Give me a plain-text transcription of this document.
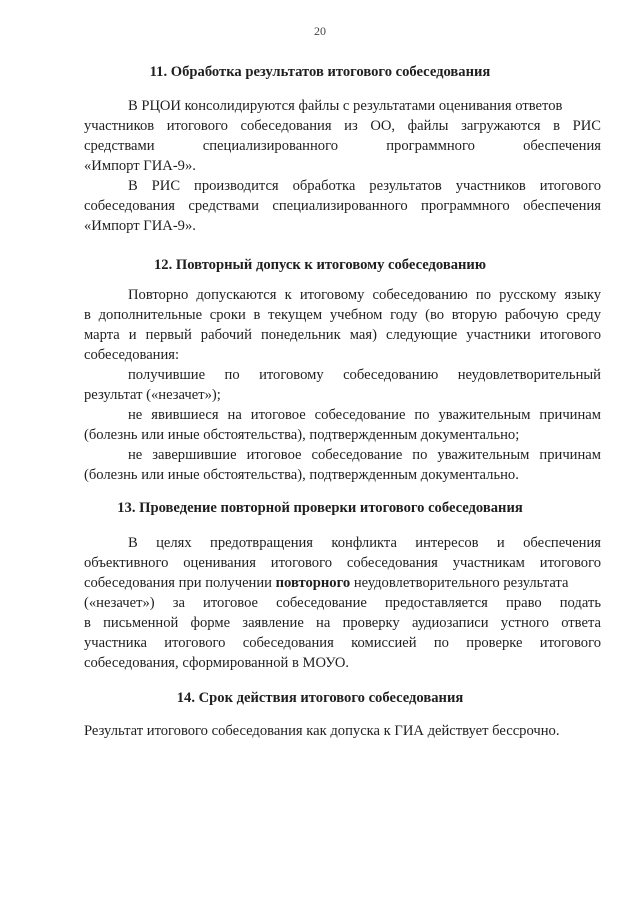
20
11. Обработка результатов итогового собеседования
В РЦОИ консолидируются файлы с результатами оценивания ответов
участников итогового собеседования из ОО, файлы загружаются в РИС
средствами специализированного программного обеспечения
«Импорт ГИА-9».
В РИС производится обработка результатов участников итогового
собеседования средствами специализированного программного обеспечения
«Импорт ГИА-9».
12. Повторный допуск к итоговому собеседованию
Повторно допускаются к итоговому собеседованию по русскому языку
в дополнительные сроки в текущем учебном году (во вторую рабочую среду
марта и первый рабочий понедельник мая) следующие участники итогового
собеседования:
получившие по итоговому собеседованию неудовлетворительный
результат («незачет»);
не явившиеся на итоговое собеседование по уважительным причинам
(болезнь или иные обстоятельства), подтвержденным документально;
не завершившие итоговое собеседование по уважительным причинам
(болезнь или иные обстоятельства), подтвержденным документально.
13. Проведение повторной проверки итогового собеседования
В целях предотвращения конфликта интересов и обеспечения
объективного оценивания итогового собеседования участникам итогового
собеседования при получении повторного неудовлетворительного результата
(«незачет») за итоговое собеседование предоставляется право подать
в письменной форме заявление на проверку аудиозаписи устного ответа
участника итогового собеседования комиссией по проверке итогового
собеседования, сформированной в МОУО.
14. Срок действия итогового собеседования
Результат итогового собеседования как допуска к ГИА действует бессрочно.
